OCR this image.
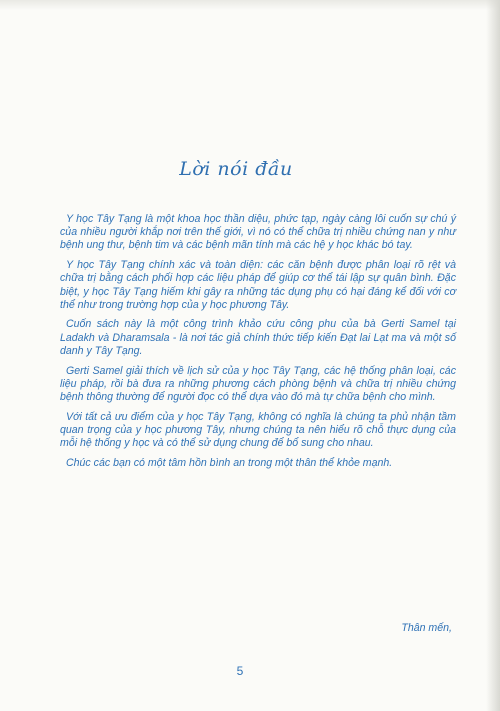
Lời nói đầu

Y học Tây Tạng là một khoa học thần diệu, phức tạp, ngày càng lôi cuốn sự chú ý của nhiều người khắp nơi trên thế giới, vì nó có thể chữa trị nhiều chứng nan y như bệnh ung thư, bệnh tim và các bệnh mãn tính mà các hệ y học khác bó tay.

Y học Tây Tạng chính xác và toàn diện: các căn bệnh được phân loại rõ rệt và chữa trị bằng cách phối hợp các liệu pháp để giúp cơ thể tái lập sự quân bình. Đặc biệt, y học Tây Tạng hiếm khi gây ra những tác dụng phụ có hại đáng kể đối với cơ thể như trong trường hợp của y học phương Tây.

Cuốn sách này là một công trình khảo cứu công phu của bà Gerti Samel tại Ladakh và Dharamsala - là nơi tác giả chính thức tiếp kiến Đạt lai Lạt ma và một số danh y Tây Tạng.

Gerti Samel giải thích về lịch sử của y học Tây Tạng, các hệ thống phân loại, các liệu pháp, rồi bà đưa ra những phương cách phòng bệnh và chữa trị nhiều chứng bệnh thông thường để người đọc có thể dựa vào đó mà tự chữa bệnh cho mình.

Với tất cả ưu điểm của y học Tây Tạng, không có nghĩa là chúng ta phủ nhận tầm quan trọng của y học phương Tây, nhưng chúng ta nên hiểu rõ chỗ thực dụng của mỗi hệ thống y học và có thể sử dụng chung để bổ sung cho nhau.

Chúc các bạn có một tâm hồn bình an trong một thân thể khỏe mạnh.

Thân mến,
5
